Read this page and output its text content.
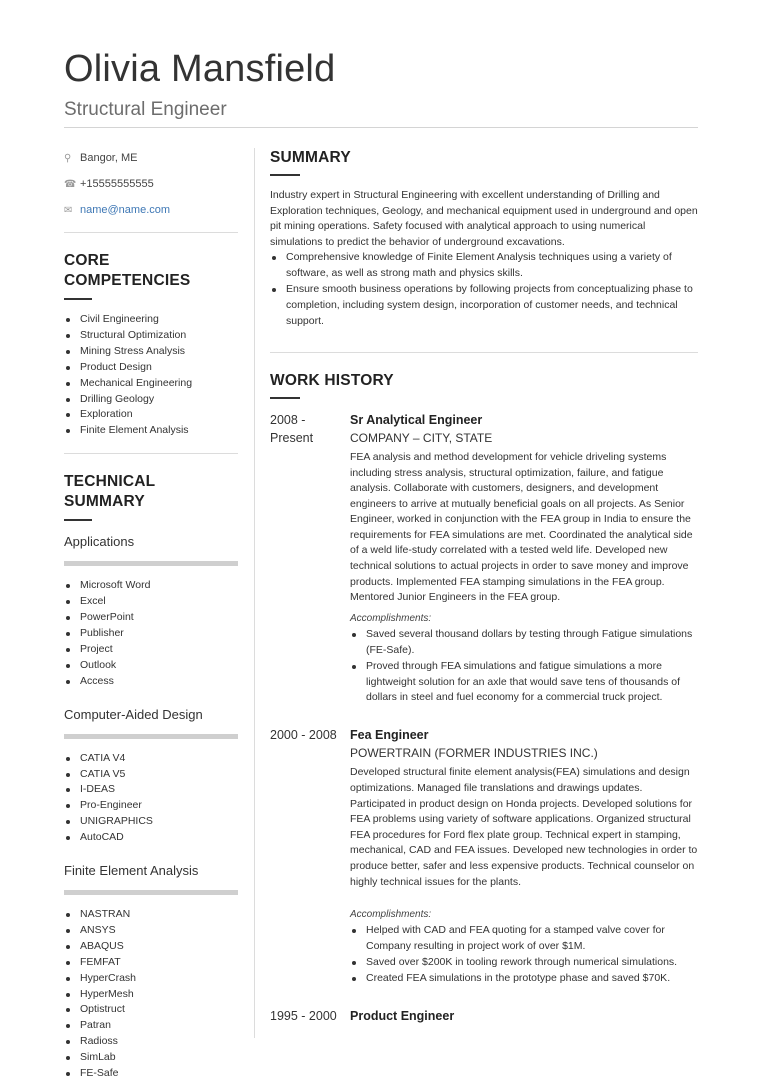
Olivia Mansfield
Structural Engineer
⚲ Bangor, ME
☎ +15555555555
✉ name@name.com
CORE COMPETENCIES
Civil Engineering
Structural Optimization
Mining Stress Analysis
Product Design
Mechanical Engineering
Drilling Geology
Exploration
Finite Element Analysis
TECHNICAL SUMMARY
Applications
Microsoft Word
Excel
PowerPoint
Publisher
Project
Outlook
Access
Computer-Aided Design
CATIA V4
CATIA V5
I-DEAS
Pro-Engineer
UNIGRAPHICS
AutoCAD
Finite Element Analysis
NASTRAN
ANSYS
ABAQUS
FEMFAT
HyperCrash
HyperMesh
Optistruct
Patran
Radioss
SimLab
FE-Safe
SUMMARY
Industry expert in Structural Engineering with excellent understanding of Drilling and Exploration techniques, Geology, and mechanical equipment used in underground and open pit mining operations. Safety focused with analytical approach to using numerical simulations to predict the behavior of underground excavations.
Comprehensive knowledge of Finite Element Analysis techniques using a variety of software, as well as strong math and physics skills.
Ensure smooth business operations by following projects from conceptualizing phase to completion, including system design, incorporation of customer needs, and technical support.
WORK HISTORY
2008 - Present
Sr Analytical Engineer
COMPANY – CITY, STATE
FEA analysis and method development for vehicle driveling systems including stress analysis, structural optimization, failure, and fatigue analysis. Collaborate with customers, designers, and development engineers to arrive at mutually beneficial goals on all projects. As Senior Engineer, worked in conjunction with the FEA group in India to ensure the requirements for FEA simulations are met. Coordinated the analytical side of a weld life-study correlated with a tested weld life. Developed new technical solutions to actual projects in order to save money and improve products. Implemented FEA stamping simulations in the FEA group. Mentored Junior Engineers in the FEA group.
Accomplishments:
Saved several thousand dollars by testing through Fatigue simulations (FE-Safe).
Proved through FEA simulations and fatigue simulations a more lightweight solution for an axle that would save tens of thousands of dollars in steel and fuel economy for a commercial truck project.
2000 - 2008	Fea Engineer
POWERTRAIN (FORMER INDUSTRIES INC.)
Developed structural finite element analysis(FEA) simulations and design optimizations. Managed file translations and drawings updates. Participated in product design on Honda projects. Developed solutions for FEA problems using variety of software applications. Organized structural FEA procedures for Ford flex plate group. Technical expert in stamping, mechanical, CAD and FEA issues. Developed new technologies in order to produce better, safer and less expensive products. Technical counselor on highly technical issues for the plants.
Accomplishments:
Helped with CAD and FEA quoting for a stamped valve cover for Company resulting in project work of over $1M.
Saved over $200K in tooling rework through numerical simulations.
Created FEA simulations in the prototype phase and saved $70K.
1995 - 2000	Product Engineer
